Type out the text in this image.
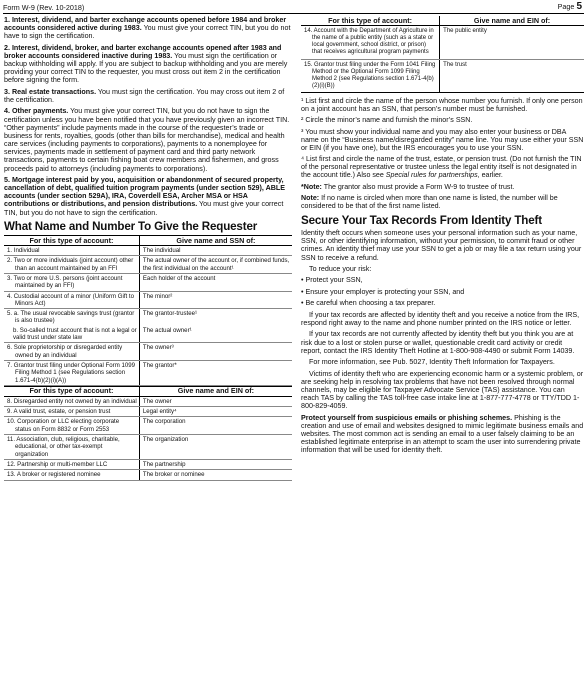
Form W-9 (Rev. 10-2018)	Page 5

1. Interest, dividend, and barter exchange accounts opened before 1984 and broker accounts considered active during 1983. You must give your correct TIN, but you do not have to sign the certification.

2. Interest, dividend, broker, and barter exchange accounts opened after 1983 and broker accounts considered inactive during 1983. You must sign the certification or backup withholding will apply. If you are subject to backup withholding and you are merely providing your correct TIN to the requester, you must cross out item 2 in the certification before signing the form.

3. Real estate transactions. You must sign the certification. You may cross out item 2 of the certification.

4. Other payments. You must give your correct TIN, but you do not have to sign the certification unless you have been notified that you have previously given an incorrect TIN. “Other payments” include payments made in the course of the requester’s trade or business for rents, royalties, goods (other than bills for merchandise), medical and health care services (including payments to corporations), payments to a nonemployee for services, payments made in settlement of payment card and third party network transactions, payments to certain fishing boat crew members and fishermen, and gross proceeds paid to attorneys (including payments to corporations).

5. Mortgage interest paid by you, acquisition or abandonment of secured property, cancellation of debt, qualified tuition program payments (under section 529), ABLE accounts (under section 529A), IRA, Coverdell ESA, Archer MSA or HSA contributions or distributions, and pension distributions. You must give your correct TIN, but you do not have to sign the certification.

What Name and Number To Give the Requester
For this type of account:	Give name and SSN of:
1. Individual	The individual
2. Two or more individuals (joint account) other than an account maintained by an FFI	The actual owner of the account or, if combined funds, the first individual on the account¹
3. Two or more U.S. persons (joint account maintained by an FFI)	Each holder of the account
4. Custodial account of a minor (Uniform Gift to Minors Act)	The minor²
5. a. The usual revocable savings trust (grantor is also trustee)	The grantor-trustee¹
b. So-called trust account that is not a legal or valid trust under state law	The actual owner¹
6. Sole proprietorship or disregarded entity owned by an individual	The owner³
7. Grantor trust filing under Optional Form 1099 Filing Method 1 (see Regulations section 1.671-4(b)(2)(i)(A))	The grantor*
For this type of account:	Give name and EIN of:
8. Disregarded entity not owned by an individual	The owner
9. A valid trust, estate, or pension trust	Legal entity⁴
10. Corporation or LLC electing corporate status on Form 8832 or Form 2553	The corporation
11. Association, club, religious, charitable, educational, or other tax-exempt organization	The organization
12. Partnership or multi-member LLC	The partnership
13. A broker or registered nominee	The broker or nominee
For this type of account:	Give name and EIN of:
14. Account with the Department of Agriculture in the name of a public entity (such as a state or local government, school district, or prison) that receives agricultural program payments	The public entity
15. Grantor trust filing under the Form 1041 Filing Method or the Optional Form 1099 Filing Method 2 (see Regulations section 1.671-4(b)(2)(i)(B))	The trust

¹ List first and circle the name of the person whose number you furnish. If only one person on a joint account has an SSN, that person’s number must be furnished.

² Circle the minor’s name and furnish the minor’s SSN.

³ You must show your individual name and you may also enter your business or DBA name on the “Business name/disregarded entity” name line. You may use either your SSN or EIN (if you have one), but the IRS encourages you to use your SSN.

⁴ List first and circle the name of the trust, estate, or pension trust. (Do not furnish the TIN of the personal representative or trustee unless the legal entity itself is not designated in the account title.) Also see Special rules for partnerships, earlier.

*Note: The grantor also must provide a Form W-9 to trustee of trust.

Note: If no name is circled when more than one name is listed, the number will be considered to be that of the first name listed.

Secure Your Tax Records From Identity Theft

Identity theft occurs when someone uses your personal information such as your name, SSN, or other identifying information, without your permission, to commit fraud or other crimes. An identity thief may use your SSN to get a job or may file a tax return using your SSN to receive a refund.

To reduce your risk:

• Protect your SSN,

• Ensure your employer is protecting your SSN, and

• Be careful when choosing a tax preparer.

If your tax records are affected by identity theft and you receive a notice from the IRS, respond right away to the name and phone number printed on the IRS notice or letter.

If your tax records are not currently affected by identity theft but you think you are at risk due to a lost or stolen purse or wallet, questionable credit card activity or credit report, contact the IRS Identity Theft Hotline at 1-800-908-4490 or submit Form 14039.

For more information, see Pub. 5027, Identity Theft Information for Taxpayers.

Victims of identity theft who are experiencing economic harm or a systemic problem, or are seeking help in resolving tax problems that have not been resolved through normal channels, may be eligible for Taxpayer Advocate Service (TAS) assistance. You can reach TAS by calling the TAS toll-free case intake line at 1-877-777-4778 or TTY/TDD 1-800-829-4059.

Protect yourself from suspicious emails or phishing schemes. Phishing is the creation and use of email and websites designed to mimic legitimate business emails and websites. The most common act is sending an email to a user falsely claiming to be an established legitimate enterprise in an attempt to scam the user into surrendering private information that will be used for identity theft.
